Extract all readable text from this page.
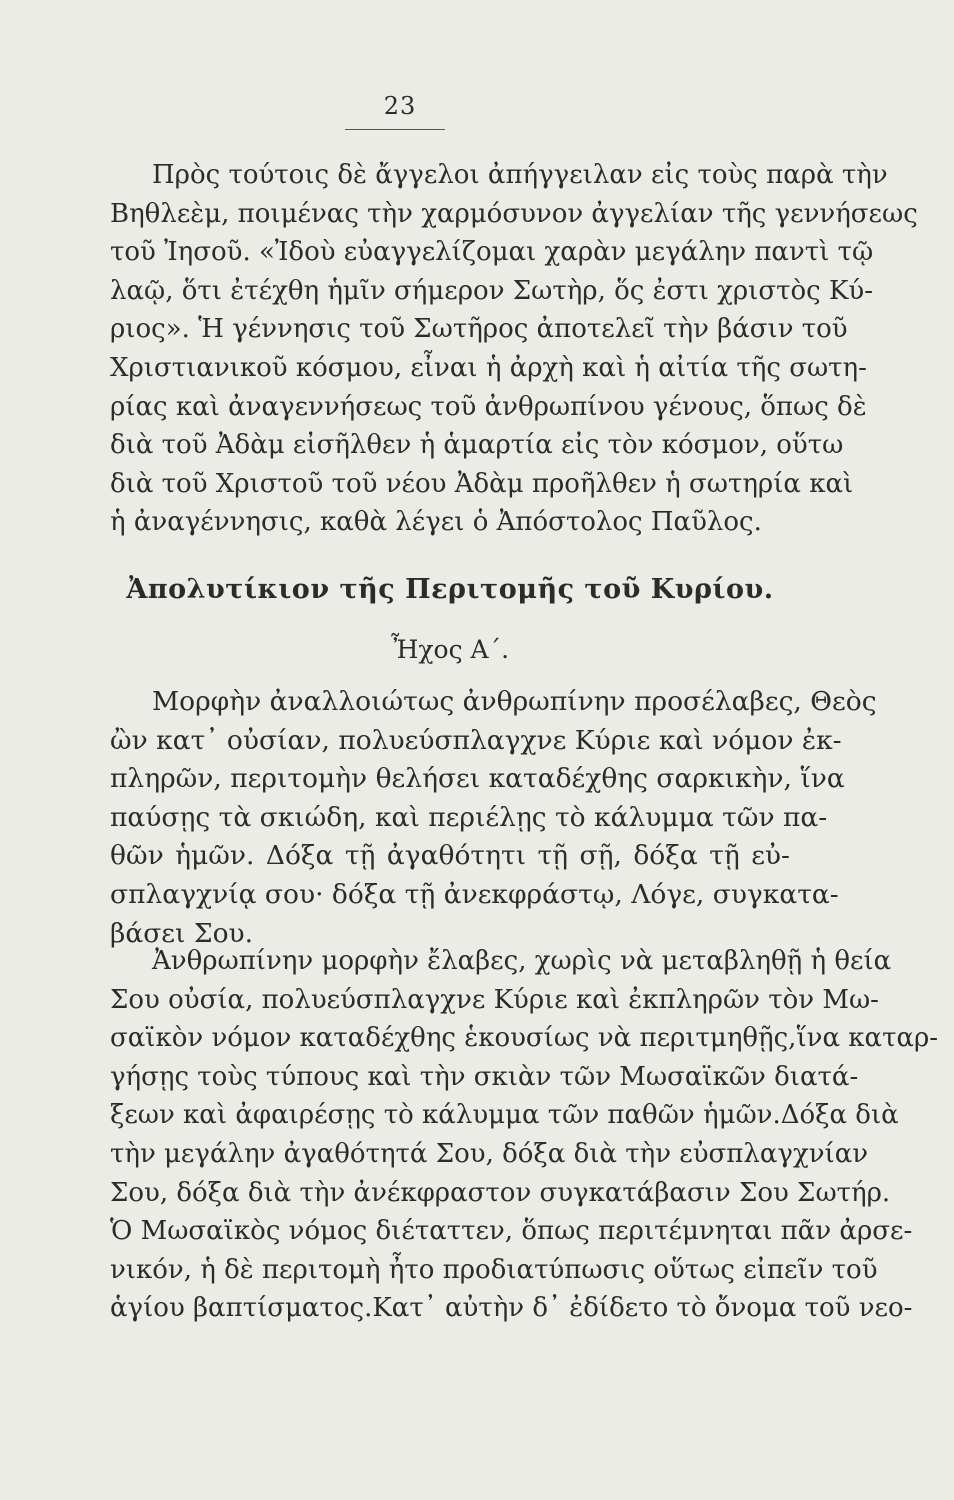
23
Πρὸς τούτοις δὲ ἄγγελοι ἀπήγγειλαν εἰς τοὺς παρὰ τὴν
Βηθλεὲμ, ποιμένας τὴν χαρμόσυνον ἀγγελίαν τῆς γεννήσεως
τοῦ Ἰησοῦ. «Ἰδοὺ εὐαγγελίζομαι χαρὰν μεγάλην παντὶ τῷ
λαῷ, ὅτι ἐτέχθη ἡμῖν σήμερον Σωτὴρ, ὅς ἐστι χριστὸς Κύ-
ριος». Ἡ γέννησις τοῦ Σωτῆρος ἀποτελεῖ τὴν βάσιν τοῦ
Χριστιανικοῦ κόσμου, εἶναι ἡ ἀρχὴ καὶ ἡ αἰτία τῆς σωτη-
ρίας καὶ ἀναγεννήσεως τοῦ ἀνθρωπίνου γένους, ὅπως δὲ
διὰ τοῦ Ἀδὰμ εἰσῆλθεν ἡ ἁμαρτία εἰς τὸν κόσμον, οὕτω
διὰ τοῦ Χριστοῦ τοῦ νέου Ἀδὰμ προῆλθεν ἡ σωτηρία καὶ
ἡ ἀναγέννησις, καθὰ λέγει ὁ Ἀπόστολος Παῦλος.
Ἀπολυτίκιον τῆς Περιτομῆς τοῦ Κυρίου.
Ἦχος Α΄.
Μορφὴν ἀναλλοιώτως ἀνθρωπίνην προσέλαβες, Θεὸς
ὢν κατ᾽ οὐσίαν, πολυεύσπλαγχνε Κύριε καὶ νόμον ἐκ-
πληρῶν, περιτομὴν θελήσει καταδέχθης σαρκικὴν, ἵνα
παύσῃς τὰ σκιώδη, καὶ περιέλῃς τὸ κάλυμμα τῶν πα-
θῶν ἡμῶν. Δόξα τῇ ἀγαθότητι τῇ σῇ, δόξα τῇ εὐ-
σπλαγχνίᾳ σου· δόξα τῇ ἀνεκφράστῳ, Λόγε, συγκατα-
βάσει Σου.
Ἀνθρωπίνην μορφὴν ἔλαβες, χωρὶς νὰ μεταβληθῇ ἡ θεία
Σου οὐσία, πολυεύσπλαγχνε Κύριε καὶ ἐκπληρῶν τὸν Μω-
σαϊκὸν νόμον καταδέχθης ἑκουσίως νὰ περιτμηθῇς,ἵνα καταρ-
γήσῃς τοὺς τύπους καὶ τὴν σκιὰν τῶν Μωσαϊκῶν διατά-
ξεων καὶ ἀφαιρέσῃς τὸ κάλυμμα τῶν παθῶν ἡμῶν.Δόξα διὰ
τὴν μεγάλην ἀγαθότητά Σου, δόξα διὰ τὴν εὐσπλαγχνίαν
Σου, δόξα διὰ τὴν ἀνέκφραστον συγκατάβασιν Σου Σωτήρ.
Ὁ Μωσαϊκὸς νόμος διέταττεν, ὅπως περιτέμνηται πᾶν ἀρσε-
νικόν, ἡ δὲ περιτομὴ ἦτο προδιατύπωσις οὕτως εἰπεῖν τοῦ
ἁγίου βαπτίσματος.Κατ᾽ αὐτὴν δ᾽ ἐδίδετο τὸ ὄνομα τοῦ νεο-
